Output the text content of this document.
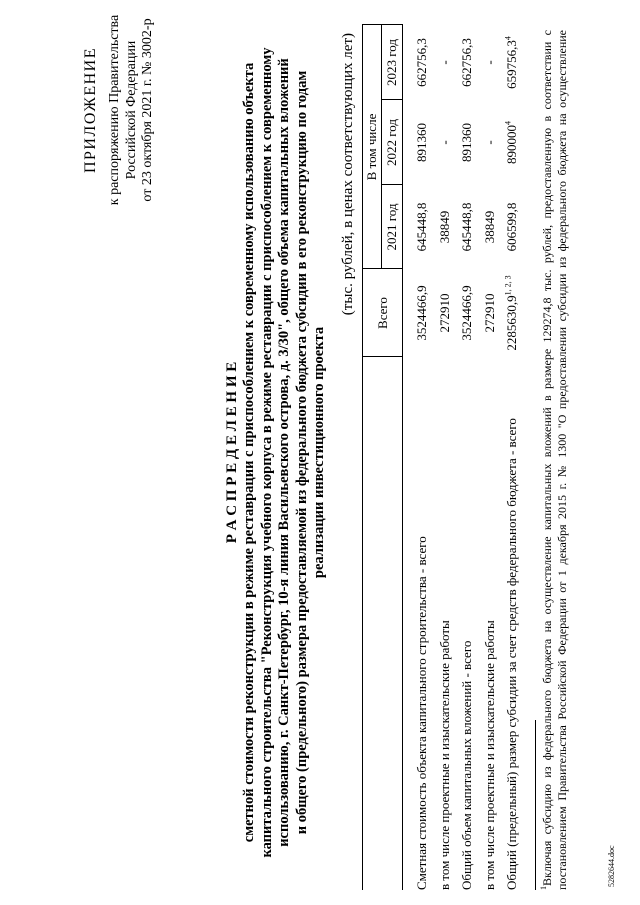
ПРИЛОЖЕНИЕ к распоряжению Правительства Российской Федерации от 23 октября 2021 г. № 3002-р
Р А С П Р Е Д Е Л Е Н И Е сметной стоимости реконструкции в режиме реставрации с приспособлением к современному использованию объекта капитального строительства "Реконструкция учебного корпуса в режиме реставрации с приспособлением к современному использованию, г. Санкт-Петербург, 10-я линия Васильевского острова, д. 3/30", общего объема капитальных вложений и общего (предельного) размера предоставляемой из федерального бюджета субсидии в его реконструкцию по годам реализации инвестиционного проекта
(тыс. рублей, в ценах соответствующих лет)
	Всего	В том числе		
		2021 год	2022 год	2023 год
Сметная стоимость объекта капитального строительства - всего	3524466,9	645448,8	891360	662756,3
в том числе проектные и изыскательские работы	272910	38849	-	-
Общий объем капитальных вложений - всего	3524466,9	645448,8	891360	662756,3
в том числе проектные и изыскательские работы	272910	38849	-	-
Общий (предельный) размер субсидии за счет средств федерального бюджета - всего	2285630,9$^{1, 2, 3}$	606599,8	890000$^4$	659756,3$^4$
$^1$Включая субсидию из федерального бюджета на осуществление капитальных вложений в размере 129274,8 тыс. рублей, предоставленную в соответствии с постановлением Правительства Российской Федерации от 1 декабря 2015 г. № 1300 "О предоставлении субсидии из федерального бюджета на осуществление	5282644.doc
